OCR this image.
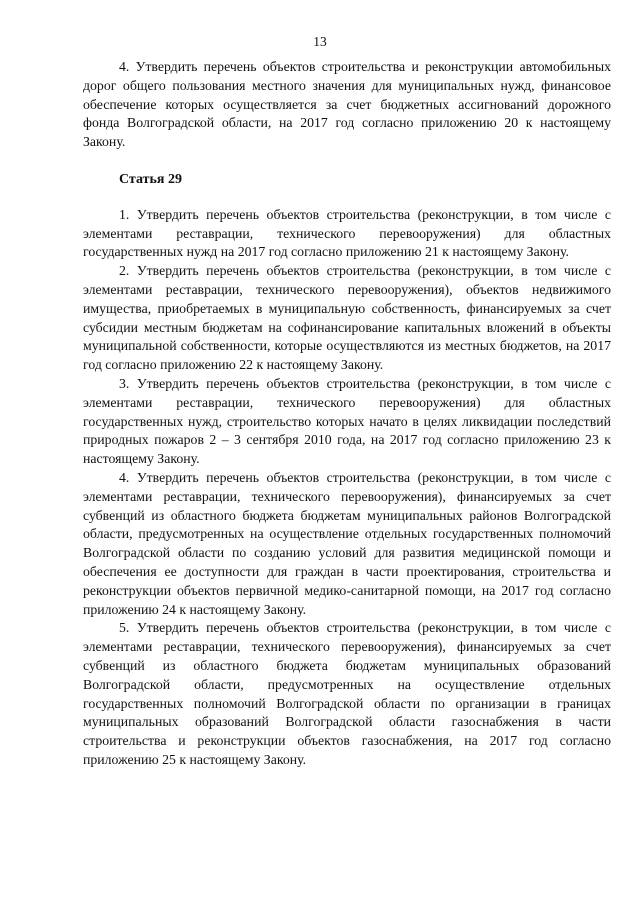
13

4. Утвердить перечень объектов строительства и реконструкции автомобильных дорог общего пользования местного значения для муниципальных нужд, финансовое обеспечение которых осуществляется за счет бюджетных ассигнований дорожного фонда Волгоградской области, на 2017 год согласно приложению 20 к настоящему Закону.

Статья 29

1. Утвердить перечень объектов строительства (реконструкции, в том числе с элементами реставрации, технического перевооружения) для областных государственных нужд на 2017 год согласно приложению 21 к настоящему Закону.

2. Утвердить перечень объектов строительства (реконструкции, в том числе с элементами реставрации, технического перевооружения), объектов недвижимого имущества, приобретаемых в муниципальную собственность, финансируемых за счет субсидии местным бюджетам на софинансирование капитальных вложений в объекты муниципальной собственности, которые осуществляются из местных бюджетов, на 2017 год согласно приложению 22 к настоящему Закону.

3. Утвердить перечень объектов строительства (реконструкции, в том числе с элементами реставрации, технического перевооружения) для областных государственных нужд, строительство которых начато в целях ликвидации последствий природных пожаров 2 – 3 сентября 2010 года, на 2017 год согласно приложению 23 к настоящему Закону.

4. Утвердить перечень объектов строительства (реконструкции, в том числе с элементами реставрации, технического перевооружения), финансируемых за счет субвенций из областного бюджета бюджетам муниципальных районов Волгоградской области, предусмотренных на осуществление отдельных государственных полномочий Волгоградской области по созданию условий для развития медицинской помощи и обеспечения ее доступности для граждан в части проектирования, строительства и реконструкции объектов первичной медико-санитарной помощи, на 2017 год согласно приложению 24 к настоящему Закону.

5. Утвердить перечень объектов строительства (реконструкции, в том числе с элементами реставрации, технического перевооружения), финансируемых за счет субвенций из областного бюджета бюджетам муниципальных образований Волгоградской области, предусмотренных на осуществление отдельных государственных полномочий Волгоградской области по организации в границах муниципальных образований Волгоградской области газоснабжения в части строительства и реконструкции объектов газоснабжения, на 2017 год согласно приложению 25 к настоящему Закону.
